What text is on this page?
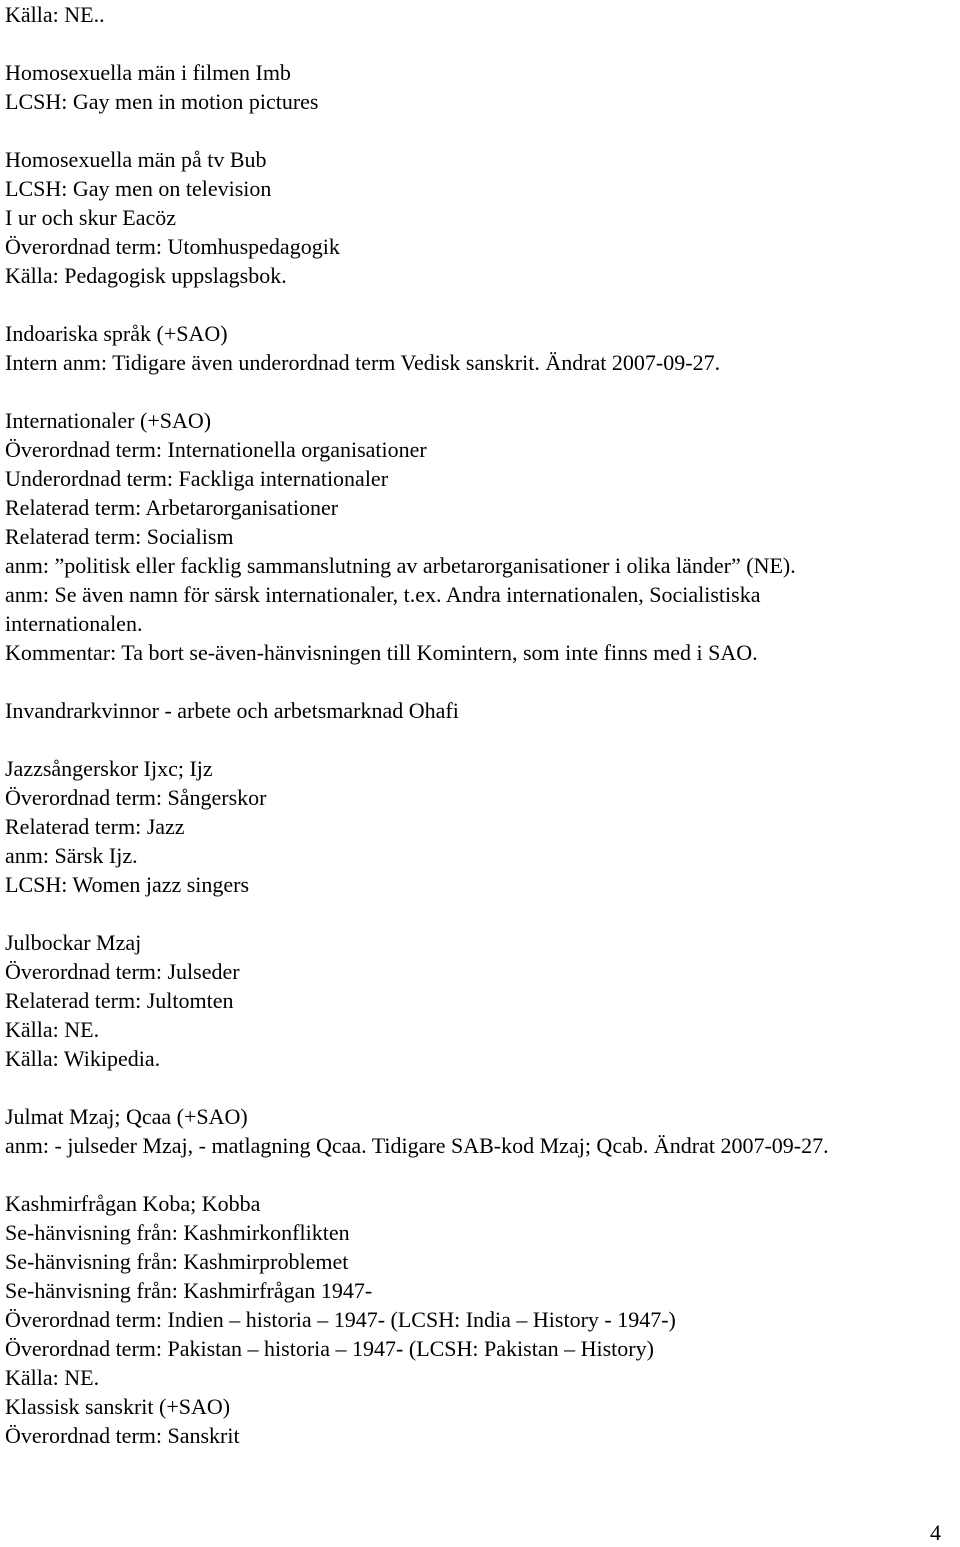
Källa: NE..
Homosexuella män i filmen Imb
LCSH: Gay men in motion pictures
Homosexuella män på tv Bub
LCSH: Gay men on television
I ur och skur Eacöz
Överordnad term: Utomhuspedagogik
Källa: Pedagogisk uppslagsbok.
Indoariska språk (+SAO)
Intern anm: Tidigare även underordnad term Vedisk sanskrit. Ändrat 2007-09-27.
Internationaler (+SAO)
Överordnad term: Internationella organisationer
Underordnad term: Fackliga internationaler
Relaterad term: Arbetarorganisationer
Relaterad term: Socialism
anm: ”politisk eller facklig sammanslutning av arbetarorganisationer i olika länder” (NE).
anm: Se även namn för särsk internationaler, t.ex. Andra internationalen, Socialistiska
internationalen.
Kommentar: Ta bort se-även-hänvisningen till Komintern, som inte finns med i SAO.
Invandrarkvinnor - arbete och arbetsmarknad Ohafi
Jazzsångerskor Ijxc; Ijz
Överordnad term: Sångerskor
Relaterad term: Jazz
anm: Särsk Ijz.
LCSH: Women jazz singers
Julbockar Mzaj
Överordnad term: Julseder
Relaterad term: Jultomten
Källa: NE.
Källa: Wikipedia.
Julmat Mzaj; Qcaa (+SAO)
anm: - julseder Mzaj, - matlagning Qcaa. Tidigare SAB-kod Mzaj; Qcab. Ändrat 2007-09-27.
Kashmirfrågan Koba; Kobba
Se-hänvisning från: Kashmirkonflikten
Se-hänvisning från: Kashmirproblemet
Se-hänvisning från: Kashmirfrågan 1947-
Överordnad term: Indien – historia – 1947- (LCSH: India – History - 1947-)
Överordnad term: Pakistan – historia – 1947- (LCSH: Pakistan – History)
Källa: NE.
Klassisk sanskrit (+SAO)
Överordnad term: Sanskrit
4
